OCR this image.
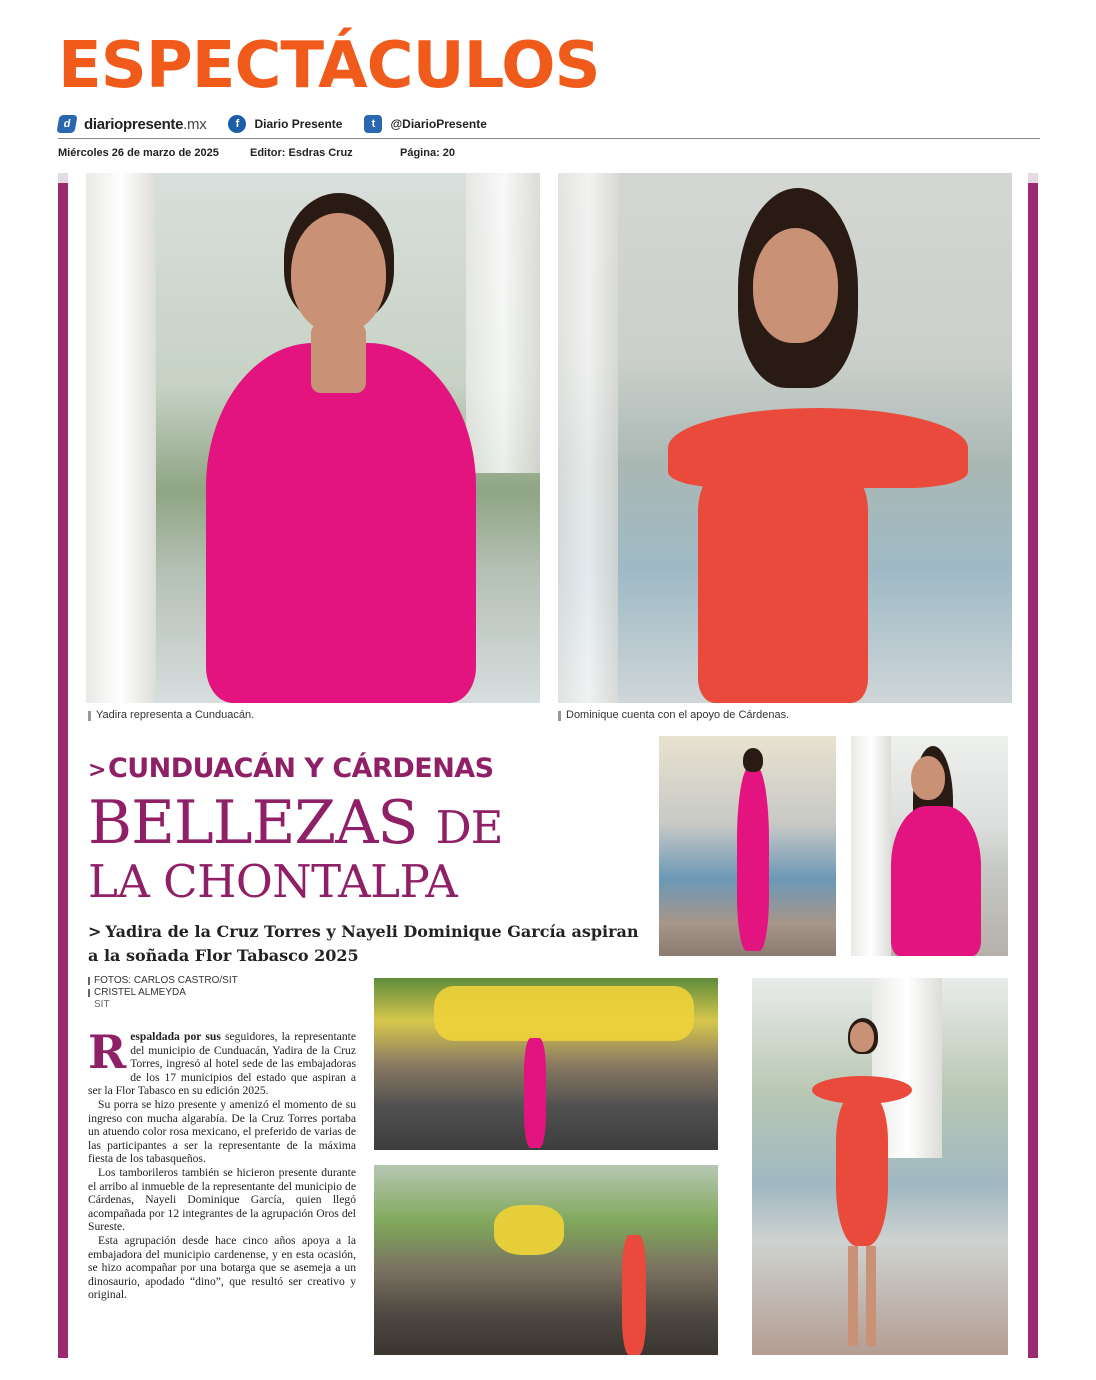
ESPECTÁCULOS
d diariopresente.mx	f	Diario Presente	t	@DiarioPresente
Miércoles 26 de marzo de 2025	Editor: Esdras Cruz	Página: 20
Yadira representa a Cunduacán.	Dominique cuenta con el apoyo de Cárdenas.
>CUNDUACÁN Y CÁRDENAS
BELLEZAS DE
LA CHONTALPA
> Yadira de la Cruz Torres y Nayeli Dominique García aspiran a la soñada Flor Tabasco 2025
FOTOS: CARLOS CASTRO/SIT
CRISTEL ALMEYDA
SIT

Respaldada por sus seguidores, la representante del municipio de Cunduacán, Yadira de la Cruz Torres, ingresó al hotel sede de las embajadoras de los 17 municipios del estado que aspiran a ser la Flor Tabasco en su edición 2025.

Su porra se hizo presente y amenizó el momento de su ingreso con mucha algarabía. De la Cruz Torres portaba un atuendo color rosa mexicano, el preferido de varias de las participantes a ser la representante de la máxima fiesta de los tabasqueños.

Los tamborileros también se hicieron presente durante el arribo al inmueble de la representante del municipio de Cárdenas, Nayeli Dominique García, quien llegó acompañada por 12 integrantes de la agrupación Oros del Sureste.

Esta agrupación desde hace cinco años apoya a la embajadora del municipio cardenense, y en esta ocasión, se hizo acompañar por una botarga que se asemeja a un dinosaurio, apodado “dino”, que resultó ser creativo y original.
